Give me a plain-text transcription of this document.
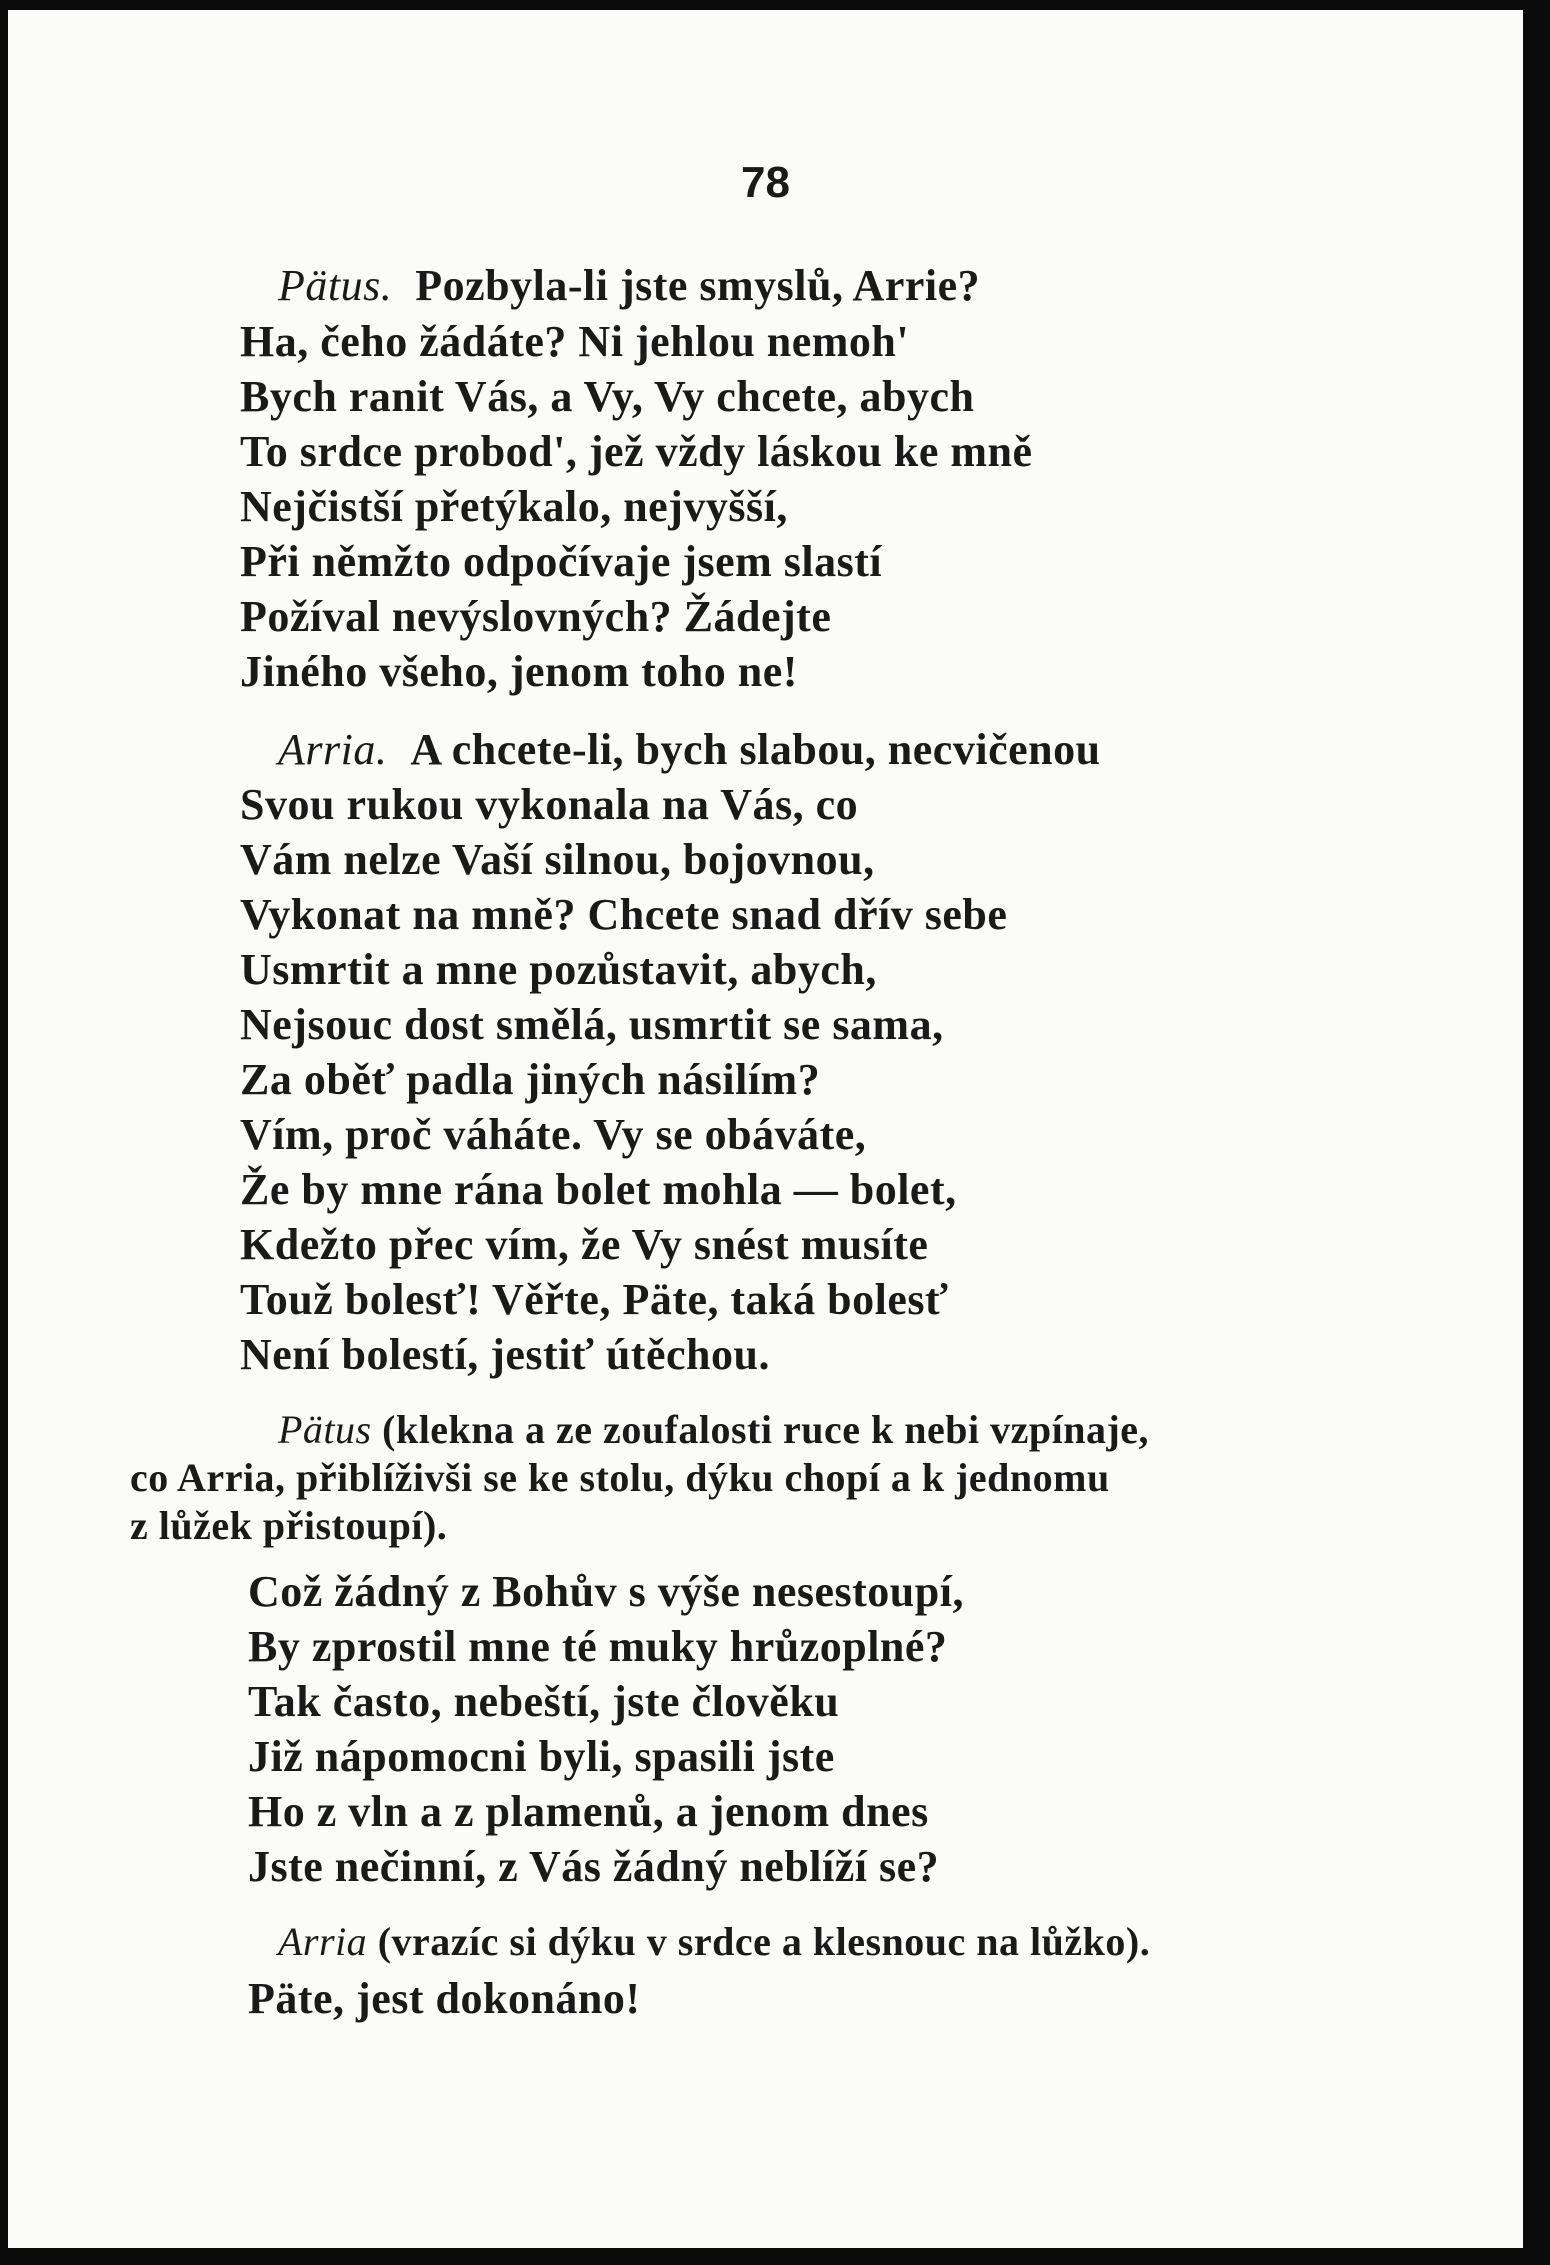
78
Pätus. Pozbyla-li jste smyslů, Arrie?
Ha, čeho žádáte? Ni jehlou nemoh'
Bych ranit Vás, a Vy, Vy chcete, abych
To srdce probod', jež vždy láskou ke mně
Nejčistší přetýkalo, nejvyšší,
Při němžto odpočívaje jsem slastí
Požíval nevýslovných? Žádejte
Jiného všeho, jenom toho ne!
Arria. A chcete-li, bych slabou, necvičenou
Svou rukou vykonala na Vás, co
Vám nelze Vaší silnou, bojovnou,
Vykonat na mně? Chcete snad dřív sebe
Usmrtit a mne pozůstavit, abych,
Nejsouc dost smělá, usmrtit se sama,
Za oběť padla jiných násilím?
Vím, proč váháte. Vy se obáváte,
Že by mne rána bolet mohla — bolet,
Kdežto přec vím, že Vy snést musíte
Touž bolesť! Věřte, Päte, taká bolesť
Není bolestí, jestiť útěchou.
Pätus (klekna a ze zoufalosti ruce k nebi vzpínaje,
co Arria, přiblíživši se ke stolu, dýku chopí a k jednomu
z lůžek přistoupí).
Což žádný z Bohův s výše nesestoupí,
By zprostil mne té muky hrůzoplné?
Tak často, nebeští, jste člověku
Již nápomocni byli, spasili jste
Ho z vln a z plamenů, a jenom dnes
Jste nečinní, z Vás žádný neblíží se?
Arria (vrazíc si dýku v srdce a klesnouc na lůžko).
Päte, jest dokonáno!
